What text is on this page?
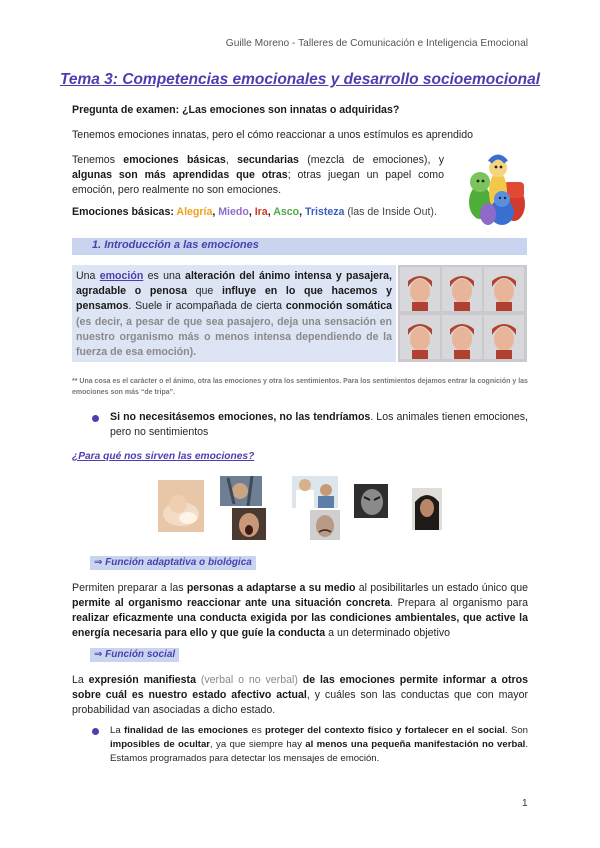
Guille Moreno - Talleres de Comunicación e Inteligencia Emocional
Tema 3: Competencias emocionales y desarrollo socioemocional
Pregunta de examen: ¿Las emociones son innatas o adquiridas?
Tenemos emociones innatas, pero el cómo reaccionar a unos estímulos es aprendido
Tenemos emociones básicas, secundarias (mezcla de emociones), y algunas son más aprendidas que otras; otras juegan un papel como emoción, pero realmente no son emociones.
Emociones básicas: Alegría, Miedo, Ira, Asco, Tristeza (las de Inside Out).
1. Introducción a las emociones
Una emoción es una alteración del ánimo intensa y pasajera, agradable o penosa que influye en lo que hacemos y pensamos. Suele ir acompañada de cierta conmoción somática (es decir, a pesar de que sea pasajero, deja una sensación en nuestro organismo más o menos intensa dependiendo de la fuerza de esa emoción).
** Una cosa es el carácter o el ánimo, otra las emociones y otra los sentimientos. Para los sentimientos dejamos entrar la cognición y las emociones son más “de tripa”.
Si no necesitásemos emociones, no las tendríamos. Los animales tienen emociones, pero no sentimientos
¿Para qué nos sirven las emociones?
⇒ Función adaptativa o biológica
Permiten preparar a las personas a adaptarse a su medio al posibilitarles un estado único que permite al organismo reaccionar ante una situación concreta. Prepara al organismo para realizar eficazmente una conducta exigida por las condiciones ambientales, que active la energía necesaria para ello y que guíe la conducta a un determinado objetivo
⇒ Función social
La expresión manifiesta (verbal o no verbal) de las emociones permite informar a otros sobre cuál es nuestro estado afectivo actual, y cuáles son las conductas que con mayor probabilidad van asociadas a dicho estado.
La finalidad de las emociones es proteger del contexto físico y fortalecer en el social. Son imposibles de ocultar, ya que siempre hay al menos una pequeña manifestación no verbal. Estamos programados para detectar los mensajes de emoción.
1
